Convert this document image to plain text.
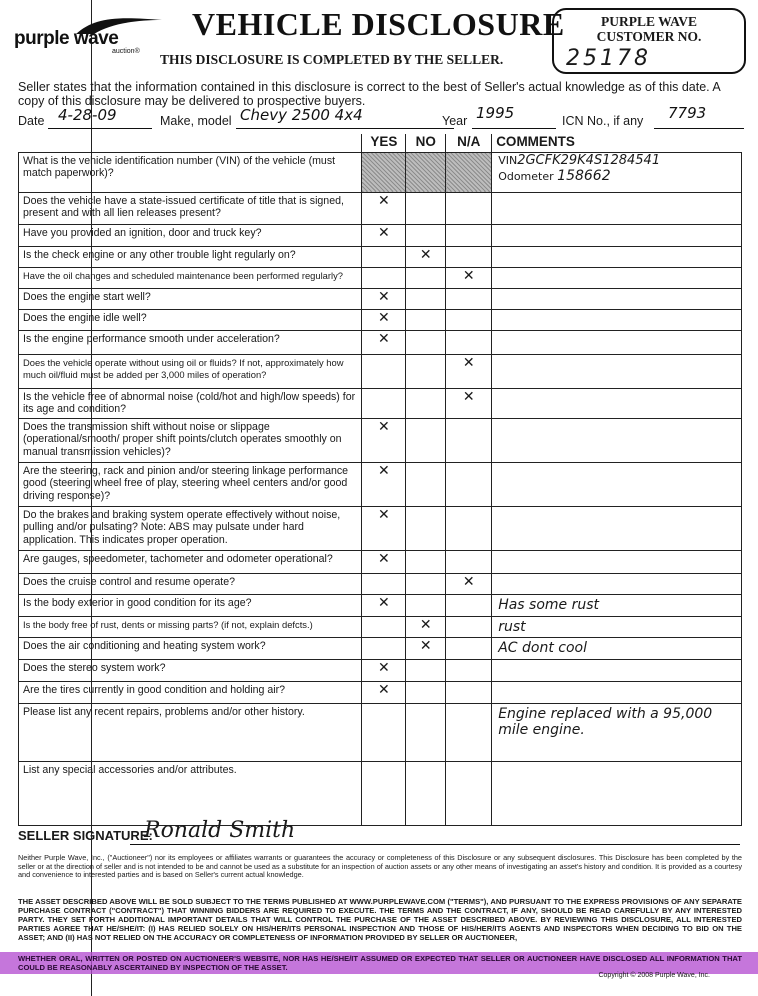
purple wave
auction®
VEHICLE DISCLOSURE
THIS DISCLOSURE IS COMPLETED BY THE SELLER.
PURPLE WAVE
CUSTOMER NO.
25178
Seller states that the information contained in this disclosure is correct to the best of Seller's actual knowledge as of this date. A copy of this disclosure may be delivered to prospective buyers.
Date 4-28-09	Make, model Chevy 2500 4x4	Year 1995	ICN No., if any 7793
	YES	NO	N/A	COMMENTS
What is the vehicle identification number (VIN) of the vehicle (must match paperwork)?				VIN2GCFK29K4S1284541
Odometer 158662

Does the vehicle have a state-issued certificate of title that is signed, present and with all lien releases present?	✕			
Have you provided an ignition, door and truck key?	✕			
Is the check engine or any other trouble light regularly on?		✕		
Have the oil changes and scheduled maintenance been performed regularly?			✕	
Does the engine start well?	✕			
Does the engine idle well?	✕			
Is the engine performance smooth under acceleration?	✕			
Does the vehicle operate without using oil or fluids? If not, approximately how much oil/fluid must be added per 3,000 miles of operation?			✕	
Is the vehicle free of abnormal noise (cold/hot and high/low speeds) for its age and condition?			✕	
Does the transmission shift without noise or slippage (operational/smooth/ proper shift points/clutch operates smoothly on manual transmission vehicles)?	✕			
Are the steering, rack and pinion and/or steering linkage performance good (steering wheel free of play, steering wheel centers and/or good driving response)?	✕			
Do the brakes and braking system operate effectively without noise, pulling and/or pulsating? Note: ABS may pulsate under hard application. This indicates proper operation.	✕			
Are gauges, speedometer, tachometer and odometer operational?	✕			
Does the cruise control and resume operate?			✕	
Is the body exterior in good condition for its age?	✕			Has some rust

Is the body free of rust, dents or missing parts? (if not, explain defcts.)		✕		rust

Does the air conditioning and heating system work?		✕		AC dont cool

Does the stereo system work?	✕			
Are the tires currently in good condition and holding air?	✕			
Please list any recent repairs, problems and/or other history.				Engine replaced with a 95,000 mile engine.

List any special accessories and/or attributes.				
SELLER SIGNATURE:
Ronald Smith
Neither Purple Wave, Inc., ("Auctioneer") nor its employees or affiliates warrants or guarantees the accuracy or completeness of this Disclosure or any subsequent disclosures. This Disclosure has been completed by the seller or at the direction of seller and is not intended to be and cannot be used as a substitute for an inspection of auction assets or any other means of investigating an asset's history and condition. It is provided as a courtesy and convenience to interested parties and is based on Seller's current actual knowledge.
THE ASSET DESCRIBED ABOVE WILL BE SOLD SUBJECT TO THE TERMS PUBLISHED AT WWW.PURPLEWAVE.COM ("TERMS"), AND PURSUANT TO THE EXPRESS PROVISIONS OF ANY SEPARATE PURCHASE CONTRACT ("CONTRACT") THAT WINNING BIDDERS ARE REQUIRED TO EXECUTE. THE TERMS AND THE CONTRACT, IF ANY, SHOULD BE READ CAREFULLY BY ANY INTERESTED PARTY. THEY SET FORTH ADDITIONAL IMPORTANT DETAILS THAT WILL CONTROL THE PURCHASE OF THE ASSET DESCRIBED ABOVE. BY REVIEWING THIS DISCLOSURE, ALL INTERESTED PARTIES AGREE THAT HE/SHE/IT: (I) HAS RELIED SOLELY ON HIS/HER/ITS PERSONAL INSPECTION AND THOSE OF HIS/HER/ITS AGENTS AND INSPECTORS WHEN DECIDING TO BID ON THE ASSET; AND (II) HAS NOT RELIED ON THE ACCURACY OR COMPLETENESS OF INFORMATION PROVIDED BY SELLER OR AUCTIONEER,
WHETHER ORAL, WRITTEN OR POSTED ON AUCTIONEER'S WEBSITE, NOR HAS HE/SHE/IT ASSUMED OR EXPECTED THAT SELLER OR AUCTIONEER HAVE DISCLOSED ALL INFORMATION THAT COULD BE REASONABLY ASCERTAINED BY INSPECTION OF THE ASSET.
Copyright © 2008 Purple Wave, Inc.
